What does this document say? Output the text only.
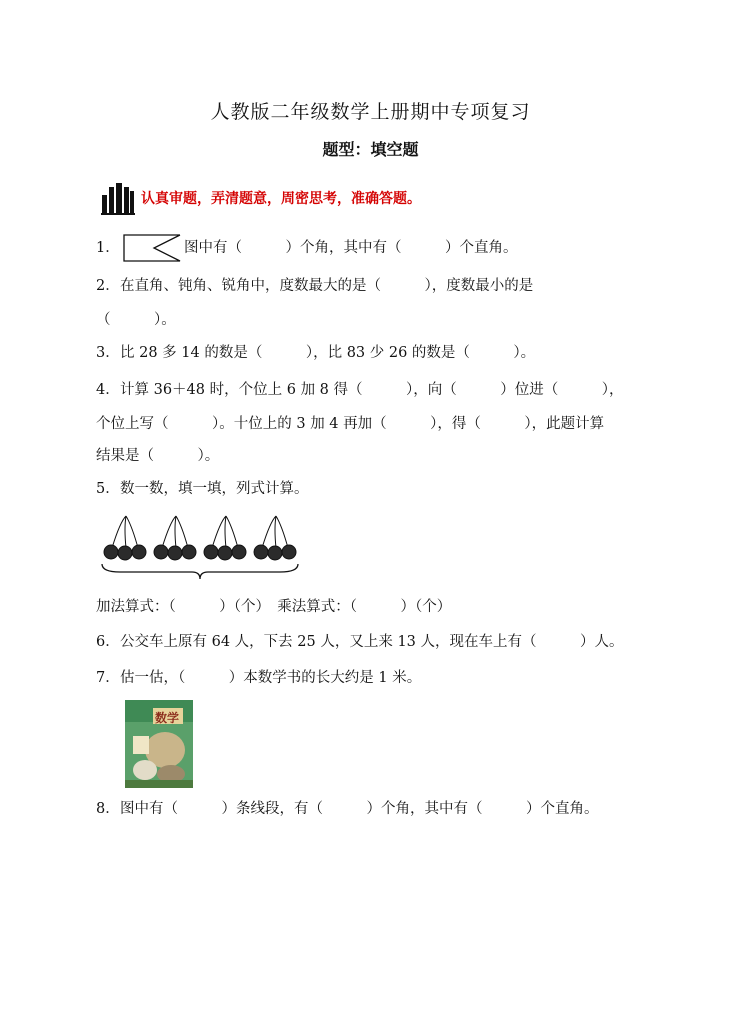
人教版二年级数学上册期中专项复习
题型：填空题
认真审题，弄清题意，周密思考，准确答题。
1．	图中有（　　　）个角，其中有（　　　）个直角。
2．在直角、钝角、锐角中，度数最大的是（　　　），度数最小的是
（　　　）。
3．比 28 多 14 的数是（　　　），比 83 少 26 的数是（　　　）。
4．计算 36＋48 时，个位上 6 加 8 得（　　　），向（　　　）位进（　　　），
个位上写（　　　）。十位上的 3 加 4 再加（　　　），得（　　　），此题计算
结果是（　　　）。
5．数一数，填一填，列式计算。
加法算式：（　　　）（个）　乘法算式：（　　　）（个）
6．公交车上原有 64 人，下去 25 人，又上来 13 人，现在车上有（　　　）人。
7．估一估，（　　　）本数学书的长大约是 1 米。
数学
8．图中有（　　　）条线段，有（　　　）个角，其中有（　　　）个直角。
